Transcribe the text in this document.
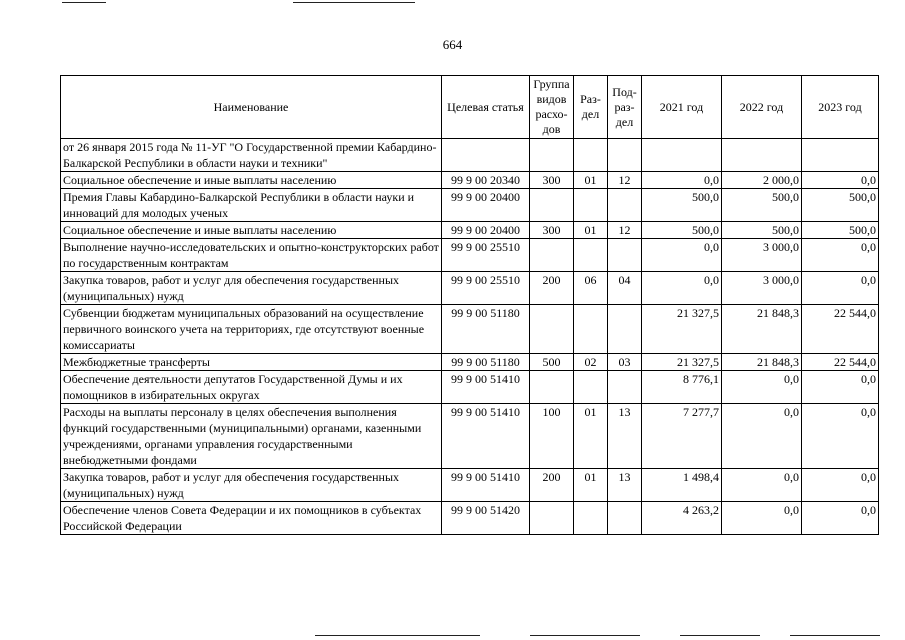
664
Наименование	Целевая статья	Группа видов расхо-дов	Раз-дел	Под-раз-дел	2021 год	2022 год	2023 год
от 26 января 2015 года № 11-УГ "О Государственной премии Кабардино-Балкарской Республики в области науки и техники"							
Социальное обеспечение и иные выплаты населению	99 9 00 20340	300	01	12	0,0	2 000,0	0,0
Премия Главы Кабардино-Балкарской Республики в области науки и инноваций для молодых ученых	99 9 00 20400				500,0	500,0	500,0
Социальное обеспечение и иные выплаты населению	99 9 00 20400	300	01	12	500,0	500,0	500,0
Выполнение научно-исследовательских и опытно-конструкторских работ по государственным контрактам	99 9 00 25510				0,0	3 000,0	0,0
Закупка товаров, работ и услуг для обеспечения государственных (муниципальных) нужд	99 9 00 25510	200	06	04	0,0	3 000,0	0,0
Субвенции бюджетам муниципальных образований на осуществление первичного воинского учета на территориях, где отсутствуют военные комиссариаты	99 9 00 51180				21 327,5	21 848,3	22 544,0
Межбюджетные трансферты	99 9 00 51180	500	02	03	21 327,5	21 848,3	22 544,0
Обеспечение деятельности депутатов Государственной Думы и их помощников в избирательных округах	99 9 00 51410				8 776,1	0,0	0,0
Расходы на выплаты персоналу в целях обеспечения выполнения функций государственными (муниципальными) органами, казенными учреждениями, органами управления государственными внебюджетными фондами	99 9 00 51410	100	01	13	7 277,7	0,0	0,0
Закупка товаров, работ и услуг для обеспечения государственных (муниципальных) нужд	99 9 00 51410	200	01	13	1 498,4	0,0	0,0
Обеспечение членов Совета Федерации и их помощников в субъектах Российской Федерации	99 9 00 51420				4 263,2	0,0	0,0
